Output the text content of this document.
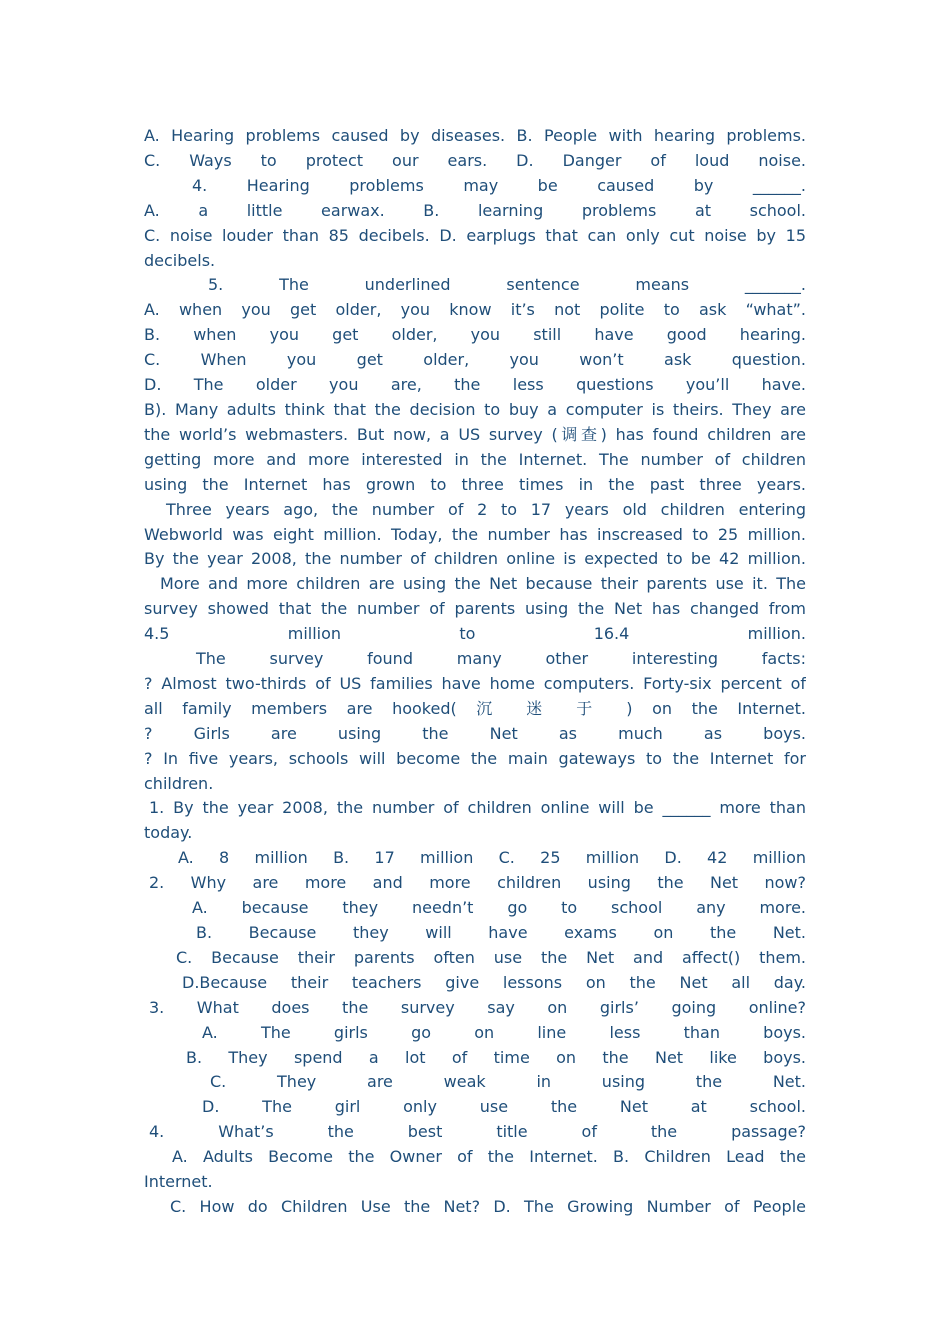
A. Hearing problems caused by diseases. B. People with hearing problems.
C. Ways to protect our ears. D. Danger of loud noise.
4. Hearing problems may be caused by ______.
A. a little earwax. B. learning problems at school.
C. noise louder than 85 decibels. D. earplugs that can only cut noise by 15
decibels.
5. The underlined sentence means _______.
A. when you get older, you know it’s not polite to ask “what”.
B. when you get older, you still have good hearing.
C. When you get older, you won’t ask question.
D. The older you are, the less questions you’ll have.
B). Many adults think that the decision to buy a computer is theirs. They are
the world’s webmasters. But now, a US survey (调查) has found children are
getting more and more interested in the Internet. The number of children
using the Internet has grown to three times in the past three years.
Three years ago, the number of 2 to 17 years old children entering
Webworld was eight million. Today, the number has inscreased to 25 million.
By the year 2008, the number of children online is expected to be 42 million.
More and more children are using the Net because their parents use it. The
survey showed that the number of parents using the Net has changed from
4.5 million to 16.4 million.
The survey found many other interesting facts:
? Almost two-thirds of US families have home computers. Forty-six percent of
all family members are hooked( 沉 迷 于 ) on the Internet.
? Girls are using the Net as much as boys.
? In five years, schools will become the main gateways to the Internet for
children.
1. By the year 2008, the number of children online will be ______ more than
today.
A. 8 million B. 17 million C. 25 million D. 42 million
2. Why are more and more children using the Net now?
A. because they needn’t go to school any more.
B. Because they will have exams on the Net.
C. Because their parents often use the Net and affect() them.
D.Because their teachers give lessons on the Net all day.
3. What does the survey say on girls’ going online?
A. The girls go on line less than boys.
B. They spend a lot of time on the Net like boys.
C. They are weak in using the Net.
D. The girl only use the Net at school.
4. What’s the best title of the passage?
A. Adults Become the Owner of the Internet. B. Children Lead the
Internet.
C. How do Children Use the Net? D. The Growing Number of People
